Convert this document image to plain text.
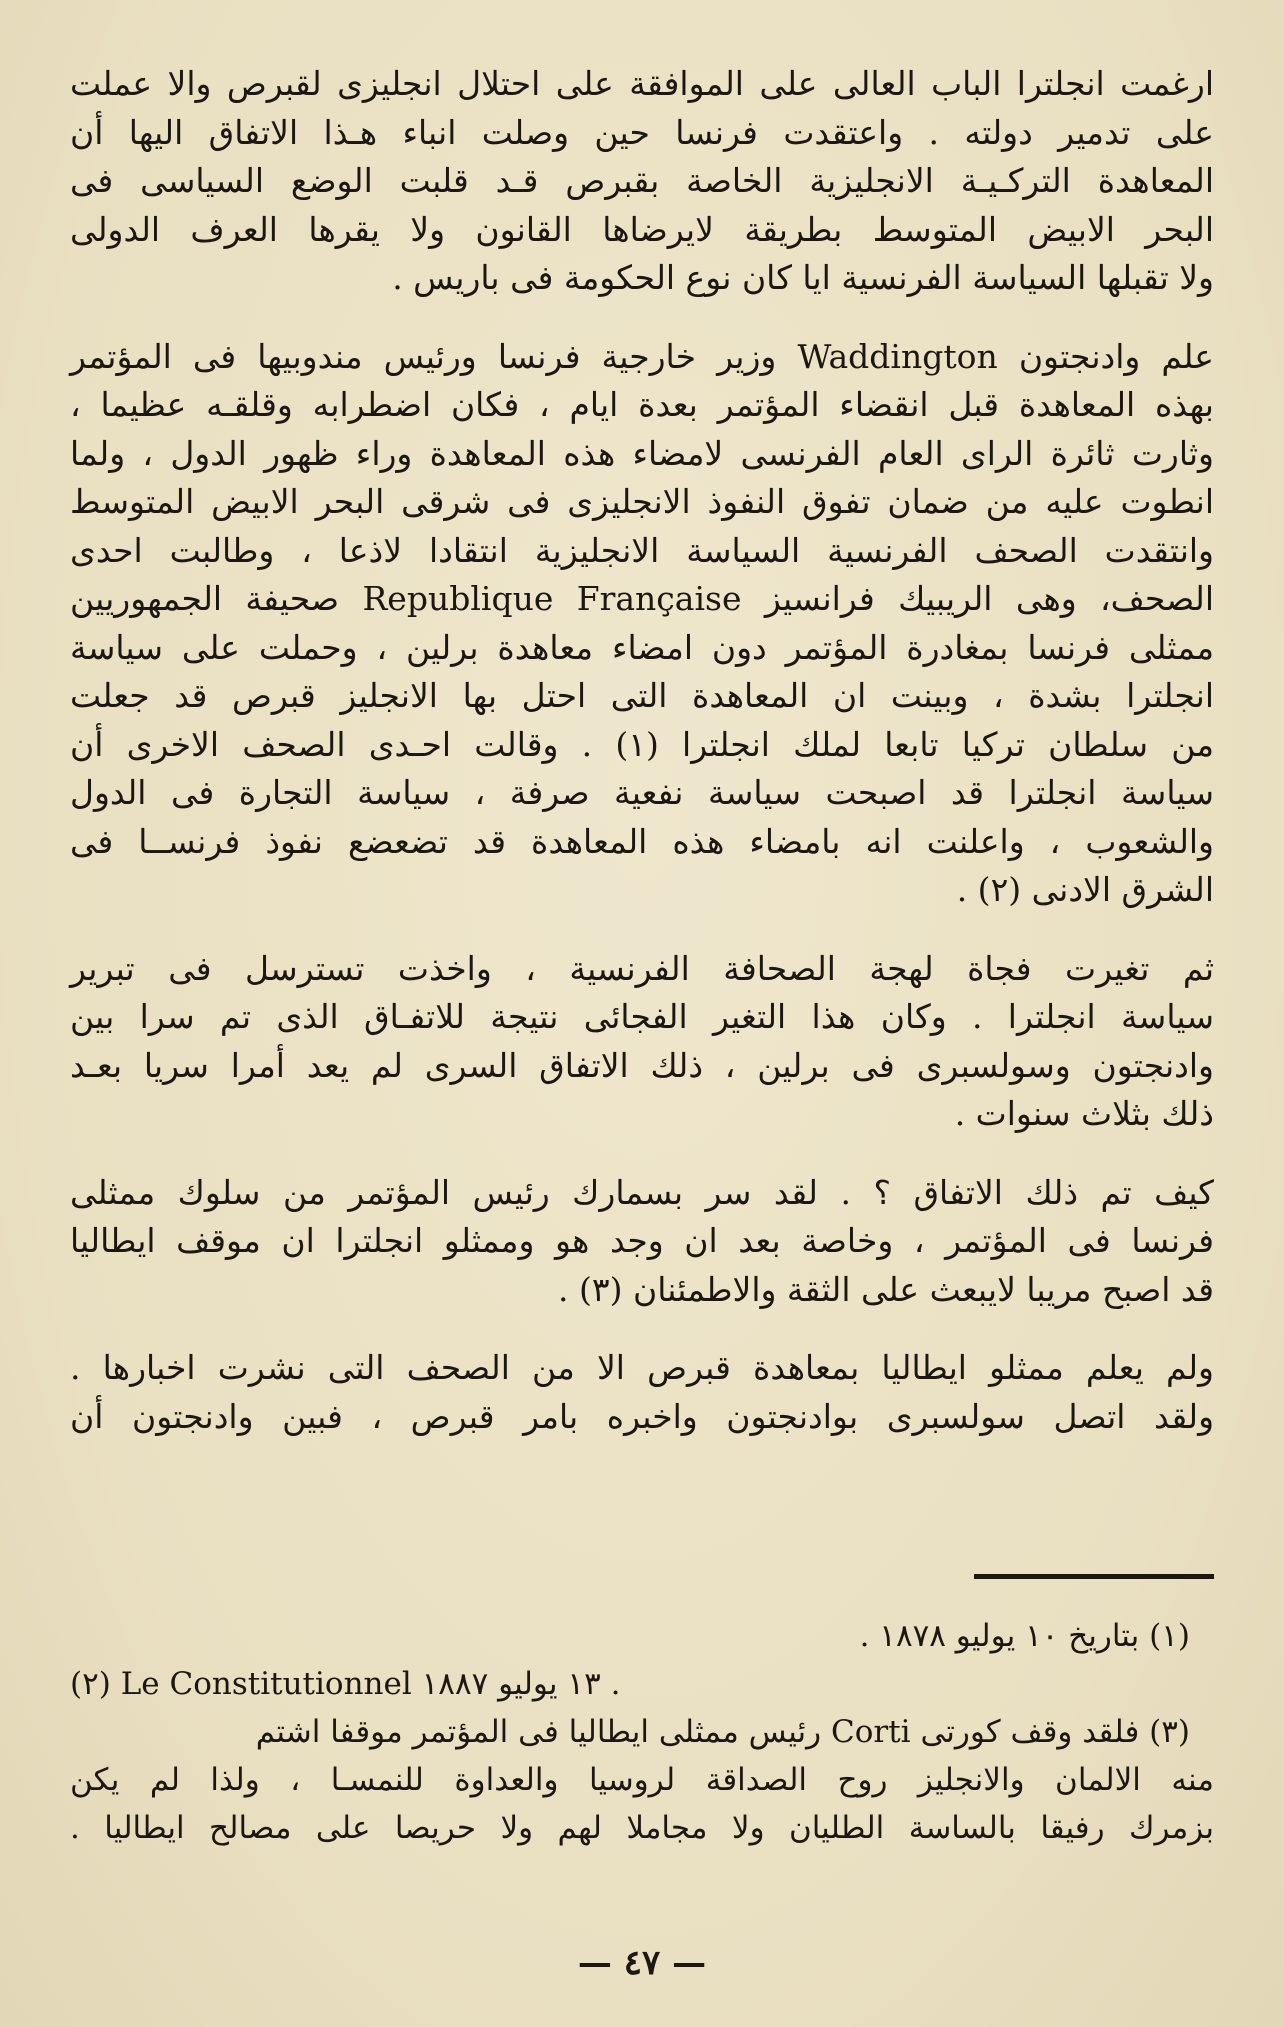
ارغمت انجلترا الباب العالى على الموافقة على احتلال انجليزى لقبرص والا عملت
على تدمير دولته . واعتقدت فرنسا حين وصلت انباء هـذا الاتفاق اليها أن
المعاهدة التركـيـة الانجليزية الخاصة بقبرص قـد قلبت الوضع السياسى فى
البحر الابيض المتوسط بطريقة لايرضاها القانون ولا يقرها العرف الدولى
ولا تقبلها السياسة الفرنسية ايا كان نوع الحكومة فى باريس .

علم وادنجتون Waddington وزير خارجية فرنسا ورئيس مندوبيها فى المؤتمر
بهذه المعاهدة قبل انقضاء المؤتمر بعدة ايام ، فكان اضطرابه وقلقـه عظيما ،
وثارت ثائرة الراى العام الفرنسى لامضاء هذه المعاهدة وراء ظهور الدول ، ولما
انطوت عليه من ضمان تفوق النفوذ الانجليزى فى شرقى البحر الابيض المتوسط
وانتقدت الصحف الفرنسية السياسة الانجليزية انتقادا لاذعا ، وطالبت احدى
الصحف، وهى الريبيك فرانسيز Republique Française صحيفة الجمهوريين
ممثلى فرنسا بمغادرة المؤتمر دون امضاء معاهدة برلين ، وحملت على سياسة
انجلترا بشدة ، وبينت ان المعاهدة التى احتل بها الانجليز قبرص قد جعلت
من سلطان تركيا تابعا لملك انجلترا (١) . وقالت احـدى الصحف الاخرى أن
سياسة انجلترا قد اصبحت سياسة نفعية صرفة ، سياسة التجارة فى الدول
والشعوب ، واعلنت انه بامضاء هذه المعاهدة قد تضعضع نفوذ فرنســا فى
الشرق الادنى (٢) .

ثم تغيرت فجاة لهجة الصحافة الفرنسية ، واخذت تسترسل فى تبرير
سياسة انجلترا . وكان هذا التغير الفجائى نتيجة للاتفـاق الذى تم سرا بين
وادنجتون وسولسبرى فى برلين ، ذلك الاتفاق السرى لم يعد أمرا سريا بعـد
ذلك بثلاث سنوات .

كيف تم ذلك الاتفاق ؟ . لقد سر بسمارك رئيس المؤتمر من سلوك ممثلى
فرنسا فى المؤتمر ، وخاصة بعد ان وجد هو وممثلو انجلترا ان موقف ايطاليا
قد اصبح مريبا لايبعث على الثقة والاطمئنان (٣) .

ولم يعلم ممثلو ايطاليا بمعاهدة قبرص الا من الصحف التى نشرت اخبارها .
ولقد اتصل سولسبرى بوادنجتون واخبره بامر قبرص ، فبين وادنجتون أن

(١) بتاريخ ١٠ يوليو ١٨٧٨ .
(٢) Le Constitutionnel ١٣ يوليو ١٨٨٧ .
(٣) فلقد وقف كورتى Corti رئيس ممثلى ايطاليا فى المؤتمر موقفا اشتم
منه الالمان والانجليز روح الصداقة لروسيا والعداوة للنمسـا ، ولذا لم يكن
بزمرك رفيقا بالساسة الطليان ولا مجاملا لهم ولا حريصا على مصالح ايطاليا .
— ٤٧ —
